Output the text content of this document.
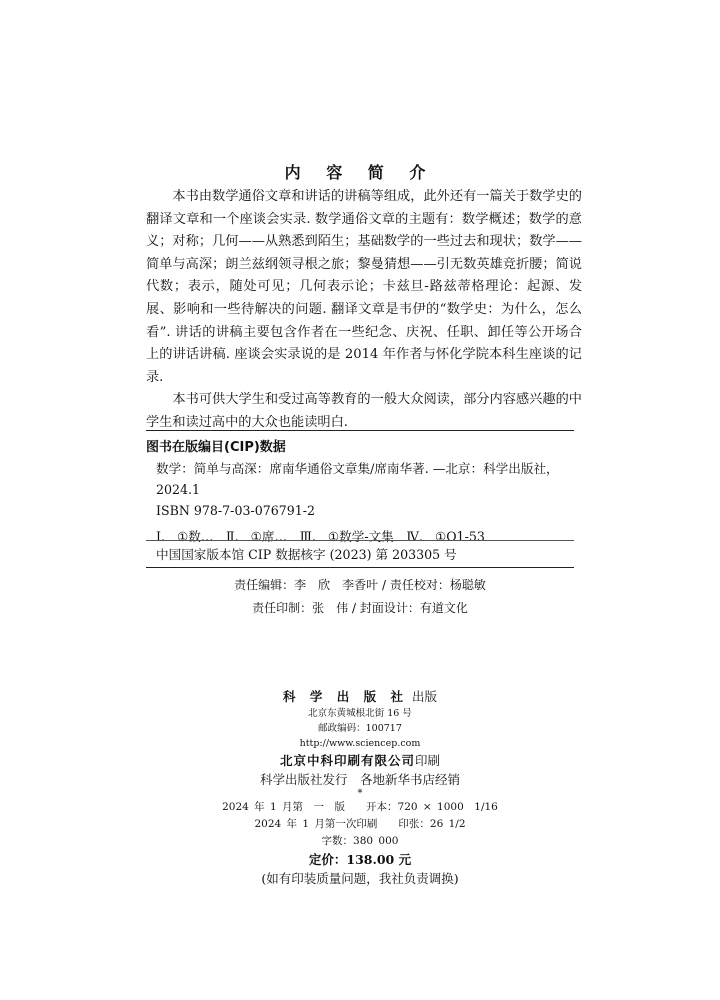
内 容 简 介

本书由数学通俗文章和讲话的讲稿等组成，此外还有一篇关于数学史的翻译文章和一个座谈会实录. 数学通俗文章的主题有：数学概述；数学的意义；对称；几何——从熟悉到陌生；基础数学的一些过去和现状；数学——简单与高深；朗兰兹纲领寻根之旅；黎曼猜想——引无数英雄竞折腰；简说代数；表示，随处可见；几何表示论；卡兹旦-路兹蒂格理论：起源、发展、影响和一些待解决的问题. 翻译文章是韦伊的“数学史：为什么，怎么看”. 讲话的讲稿主要包含作者在一些纪念、庆祝、任职、卸任等公开场合上的讲话讲稿. 座谈会实录说的是 2014 年作者与怀化学院本科生座谈的记录.

本书可供大学生和受过高等教育的一般大众阅读，部分内容感兴趣的中学生和读过高中的大众也能读明白.

图书在版编目(CIP)数据

数学：简单与高深：席南华通俗文章集/席南华著. —北京：科学出版社，

2024.1

ISBN 978-7-03-076791-2

Ⅰ. ①数…　Ⅱ. ①席…　Ⅲ. ①数学-文集　Ⅳ. ①O1-53

中国国家版本馆 CIP 数据核字 (2023) 第 203305 号
责任编辑：李　欣　李香叶 / 责任校对：杨聪敏
责任印制：张　伟 / 封面设计：有道文化

科 学 出 版 社 出版

北京东黄城根北街 16 号

邮政编码：100717

http://www.sciencep.com

北京中科印刷有限公司印刷

科学出版社发行　各地新华书店经销

*

2024 年 1 月第　一　版　　开本：720 × 1000　1/16

2024 年 1 月第一次印刷　　印张：26 1/2

字数：380 000

定价：138.00 元

(如有印装质量问题，我社负责调换)
